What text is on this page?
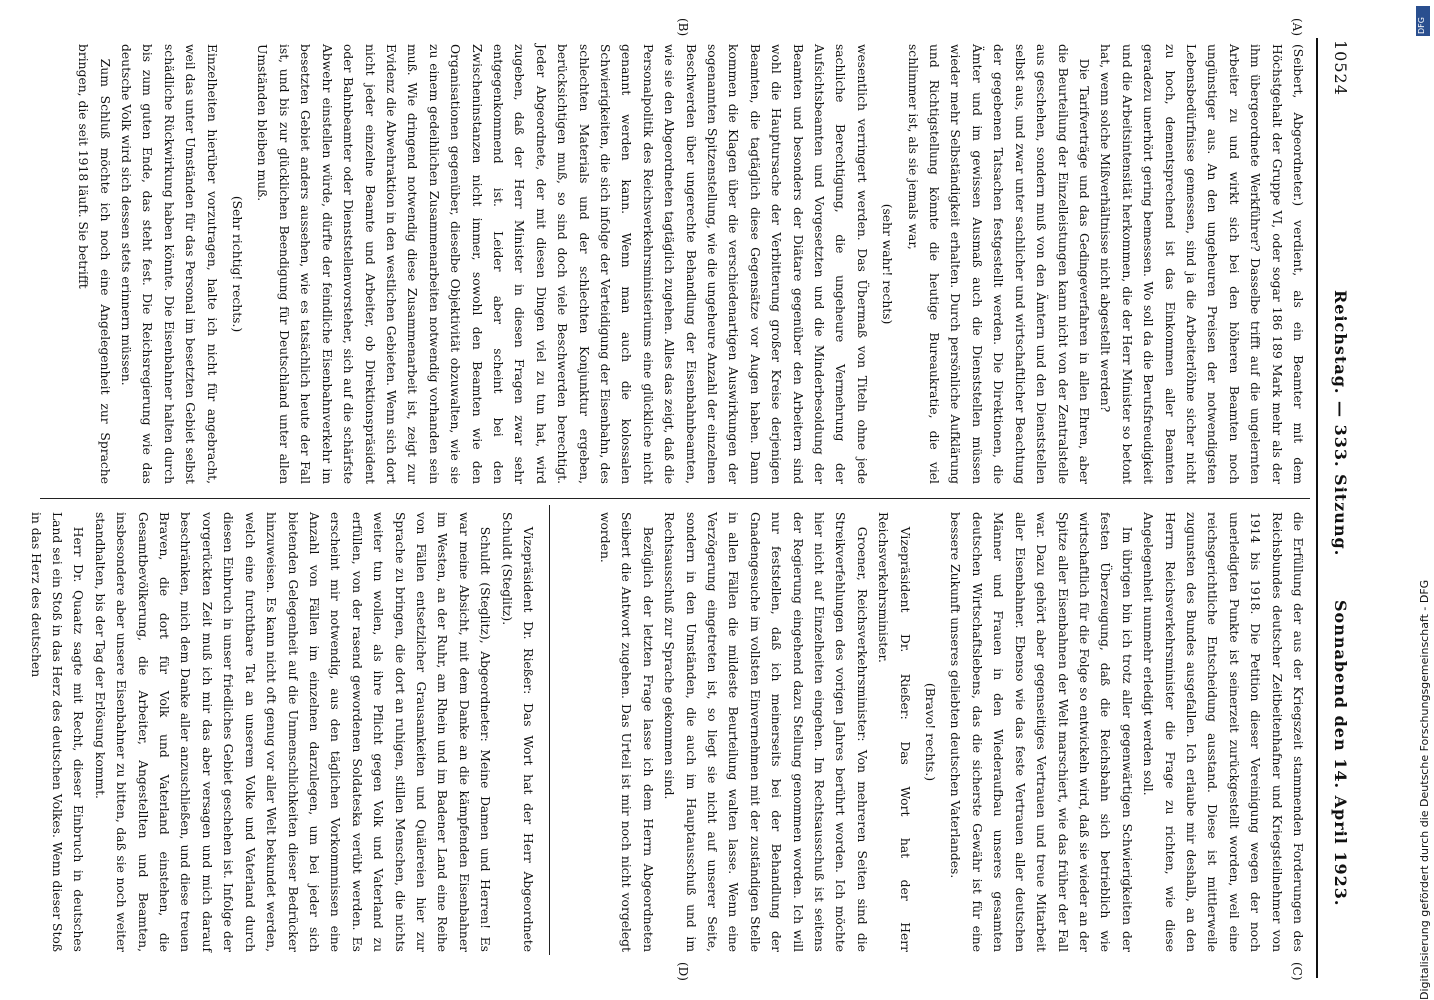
10524
Reichstag. — 333. Sitzung.
Sonnabend den 14. April 1923.
(A)
(B)
(C)
(D)

(Seibert, Abgeordneter.) verdient, als ein Beamter mit dem Höchstgehalt der Gruppe VI, oder sogar 186 189 Mark mehr als der ihm übergeordnete Werkführer? Dasselbe trifft auf die ungelernten Arbeiter zu und wirkt sich bei den höheren Beamten noch ungünstiger aus. An den ungeheuren Preisen der notwendigsten Lebensbedürfnisse gemessen, sind ja die Arbeiterlöhne sicher nicht zu hoch, dementsprechend ist das Einkommen aller Beamten geradezu unerhört gering bemessen. Wo soll da die Berufsfreudigkeit und die Arbeitsintensität herkommen, die der Herr Minister so betont hat, wenn solche Mißverhältnisse nicht abgestellt werden?

Die Tarifverträge und das Gedingeverfahren in allen Ehren, aber die Beurteilung der Einzelleistungen kann nicht von der Zentralstelle aus geschehen, sondern muß von den Ämtern und den Dienststellen selbst aus, und zwar unter sachlicher und wirtschaftlicher Beachtung der gegebenen Tatsachen festgestellt werden. Die Direktionen, die Ämter und im gewissen Ausmaß auch die Dienststellen müssen wieder mehr Selbständigkeit erhalten. Durch persönliche Aufklärung und Richtigstellung könnte die heutige Bureaukratie, die viel schlimmer ist, als sie jemals war,

(sehr wahr! rechts)

wesentlich verringert werden. Das Übermaß von Titeln ohne jede sachliche Berechtigung, die ungeheure Vermehrung der Aufsichtsbeamten und Vorgesetzten und die Minderbesoldung der Beamten und besonders der Diätare gegenüber den Arbeitern sind wohl die Hauptursache der Verbitterung großer Kreise derjenigen Beamten, die tagtäglich diese Gegensätze vor Augen haben. Dann kommen die Klagen über die verschiedenartigen Auswirkungen der sogenannten Spitzenstellung, wie die ungeheure Anzahl der einzelnen Beschwerden über ungerechte Behandlung der Eisenbahnbeamten, wie sie den Abgeordneten tagtäglich zugehen. Alles das zeigt, daß die Personalpolitik des Reichsverkehrsministeriums eine glückliche nicht genannt werden kann. Wenn man auch die kolossalen Schwierigkeiten, die sich infolge der Verteidigung der Eisenbahn, des schlechten Materials und der schlechten Konjunktur ergeben, berücksichtigen muß, so sind doch viele Beschwerden berechtigt. Jeder Abgeordnete, der mit diesen Dingen viel zu tun hat, wird zugeben, daß der Herr Minister in diesen Fragen zwar sehr entgegenkommend ist. Leider aber scheint bei den Zwischeninstanzen nicht immer, sowohl den Beamten wie den Organisationen gegenüber, dieselbe Objektivität obzuwalten, wie sie zu einem gedeihlichen Zusammenarbeiten notwendig vorhanden sein muß. Wie dringend notwendig diese Zusammenarbeit ist, zeigt zur Evidenz die Abwehraktion in den westlichen Gebieten. Wenn sich dort nicht jeder einzelne Beamte und Arbeiter, ob Direktionspräsident oder Bahnbeamter oder Dienststellenvorsteher, sich auf die schärfste Abwehr einstellen würde, dürfte der feindliche Eisenbahnverkehr im besetzten Gebiet anders aussehen, wie es tatsächlich heute der Fall ist, und bis zur glücklichen Beendigung für Deutschland unter allen Umständen bleiben muß.

(Sehr richtig! rechts.)

Einzelheiten hierüber vorzutragen, halte ich nicht für angebracht, weil das unter Umständen für das Personal im besetzten Gebiet selbst schädliche Rückwirkung haben könnte. Die Eisenbahner halten durch bis zum guten Ende, das steht fest. Die Reichsregierung wie das deutsche Volk wird sich dessen stets erinnern müssen.

Zum Schluß möchte ich noch eine Angelegenheit zur Sprache bringen, die seit 1918 läuft. Sie betrifft

die Erfüllung der aus der Kriegszeit stammenden Forderungen des Reichsbundes deutscher Zeitbeitenhafner und Kriegsteilnehmer von 1914 bis 1918. Die Petition dieser Vereinigung wegen der noch unerledigten Punkte ist seinerzeit zurückgestellt worden, weil eine reichsgerichtliche Entscheidung ausstand. Diese ist mittlerweile zugunsten des Bundes ausgefallen. Ich erlaube mir deshalb, an den Herrn Reichsverkehrsminister die Frage zu richten, wie diese Angelegenheit nunmehr erledigt werden soll.

Im übrigen bin ich trotz aller gegenwärtigen Schwierigkeiten der festen Überzeugung, daß die Reichsbahn sich betrieblich wie wirtschaftlich für die Folge so entwickeln wird, daß sie wieder an der Spitze aller Eisenbahnen der Welt marschiert, wie das früher der Fall war. Dazu gehört aber gegenseitiges Vertrauen und treue Mitarbeit aller Eisenbahner. Ebenso wie das feste Vertrauen aller deutschen Männer und Frauen in den Wiederaufbau unseres gesamten deutschen Wirtschaftslebens, das die sicherste Gewähr ist für eine bessere Zukunft unseres geliebten deutschen Vaterlandes.

(Bravo! rechts.)

Vizepräsident Dr. Rießer: Das Wort hat der Herr Reichsverkehrsminister.

Groener, Reichsverkehrsminister: Von mehreren Seiten sind die Streikverfehlungen des vorigen Jahres berührt worden. Ich möchte hier nicht auf Einzelheiten eingehen. Im Rechtsausschuß ist seitens der Regierung eingehend dazu Stellung genommen worden. Ich will nur feststellen, daß ich meinerseits bei der Behandlung der Gnadengesuche im vollsten Einvernehmen mit der zuständigen Stelle in allen Fällen die mildeste Beurteilung walten lasse. Wenn eine Verzögerung eingetreten ist, so liegt sie nicht auf unserer Seite, sondern in den Umständen, die auch im Hauptausschuß und im Rechtsausschuß zur Sprache gekommen sind.

Bezüglich der letzten Frage lasse ich dem Herrn Abgeordneten Seibert die Antwort zugehen. Das Urteil ist mir noch nicht vorgelegt worden.

Vizepräsident Dr. Rießer: Das Wort hat der Herr Abgeordnete Schuldt (Steglitz).

Schuldt (Steglitz), Abgeordneter: Meine Damen und Herren! Es war meine Absicht, mit dem Danke an die kämpfenden Eisenbahner im Westen, an der Ruhr, am Rhein und im Badener Land eine Reihe von Fällen entsetzlicher Grausamkeiten und Quälereien hier zur Sprache zu bringen, die dort an ruhigen, stillen Menschen, die nichts weiter tun wollen, als ihre Pflicht gegen Volk und Vaterland zu erfüllen, von der rasend gewordenen Soldateska verübt werden. Es erscheint mir notwendig, aus den täglichen Vorkommnissen eine Anzahl von Fällen im einzelnen darzulegen, um bei jeder sich bietenden Gelegenheit auf die Unmenschlichkeiten dieser Bedrücker hinzuweisen. Es kann nicht oft genug vor aller Welt bekundet werden, welch eine furchtbare Tat an unserem Volke und Vaterland durch diesen Einbruch in unser friedliches Gebiet geschehen ist. Infolge der vorgerückten Zeit muß ich mir das aber versagen und mich darauf beschränken, mich dem Danke aller anzuschließen, und diese treuen Braven, die dort für Volk und Vaterland einstehen, die Gesamtbevölkerung, die Arbeiter, Angestellten und Beamten, insbesondere aber unsere Eisenbahner zu bitten, daß sie noch weiter standhalten, bis der Tag der Erlösung kommt.

Herr Dr. Quaatz sagte mit Recht, dieser Einbruch in deutsches Land sei ein Stoß in das Herz des deutschen Volkes. Wenn dieser Stoß in das Herz des deutschen

DFG
Digitalisierung gefördert durch die Deutsche Forschungsgemeinschaft - DFG
